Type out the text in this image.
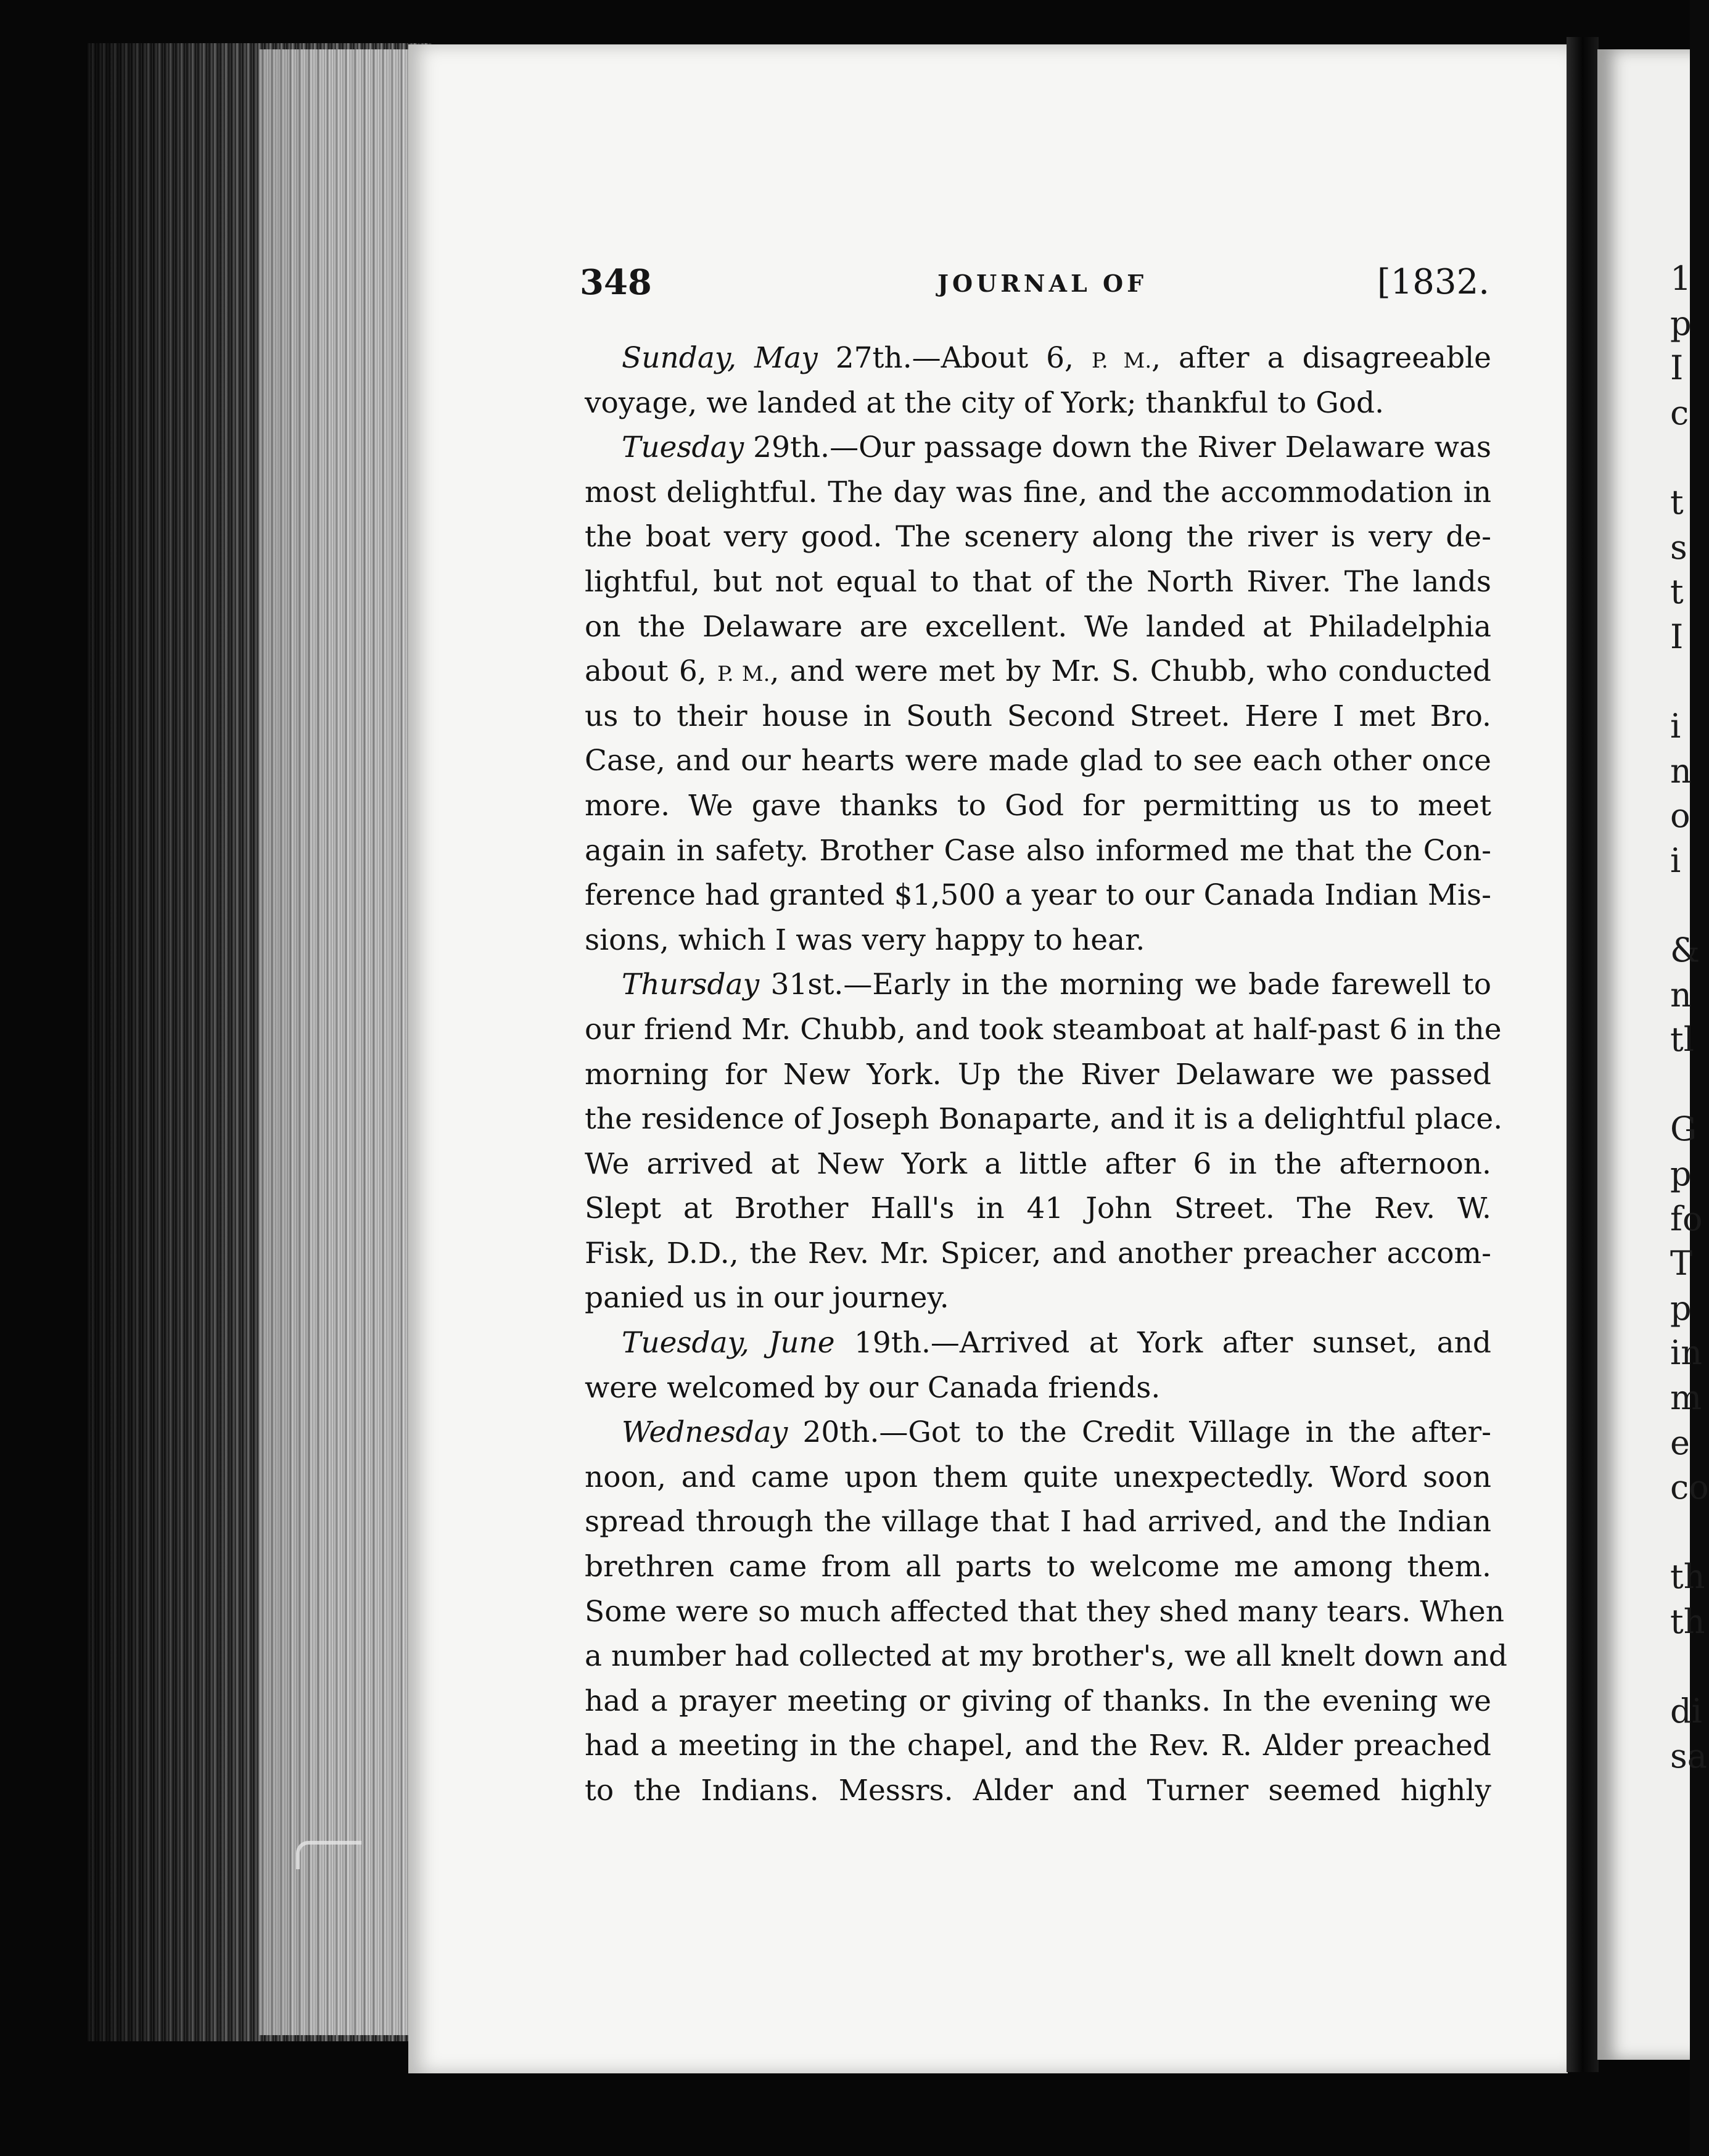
1
p
I
c
t
s
t
I
i
n
o
i
&
n
tl
G
p
fo
T
p
in
m
e
co
th
th
di
sa
348	JOURNAL OF	[1832.
Sunday, May 27th.—About 6, P. M., after a disagreeable
voyage, we landed at the city of York; thankful to God.
Tuesday 29th.—Our passage down the River Delaware was
most delightful. The day was fine, and the accommodation in
the boat very good. The scenery along the river is very de-
lightful, but not equal to that of the North River. The lands
on the Delaware are excellent. We landed at Philadelphia
about 6, P. M., and were met by Mr. S. Chubb, who conducted
us to their house in South Second Street. Here I met Bro.
Case, and our hearts were made glad to see each other once
more. We gave thanks to God for permitting us to meet
again in safety. Brother Case also informed me that the Con-
ference had granted $1,500 a year to our Canada Indian Mis-
sions, which I was very happy to hear.
Thursday 31st.—Early in the morning we bade farewell to
our friend Mr. Chubb, and took steamboat at half-past 6 in the
morning for New York. Up the River Delaware we passed
the residence of Joseph Bonaparte, and it is a delightful place.
We arrived at New York a little after 6 in the afternoon.
Slept at Brother Hall's in 41 John Street. The Rev. W.
Fisk, D.D., the Rev. Mr. Spicer, and another preacher accom-
panied us in our journey.
Tuesday, June 19th.—Arrived at York after sunset, and
were welcomed by our Canada friends.
Wednesday 20th.—Got to the Credit Village in the after-
noon, and came upon them quite unexpectedly. Word soon
spread through the village that I had arrived, and the Indian
brethren came from all parts to welcome me among them.
Some were so much affected that they shed many tears. When
a number had collected at my brother's, we all knelt down and
had a prayer meeting or giving of thanks. In the evening we
had a meeting in the chapel, and the Rev. R. Alder preached
to the Indians. Messrs. Alder and Turner seemed highly
